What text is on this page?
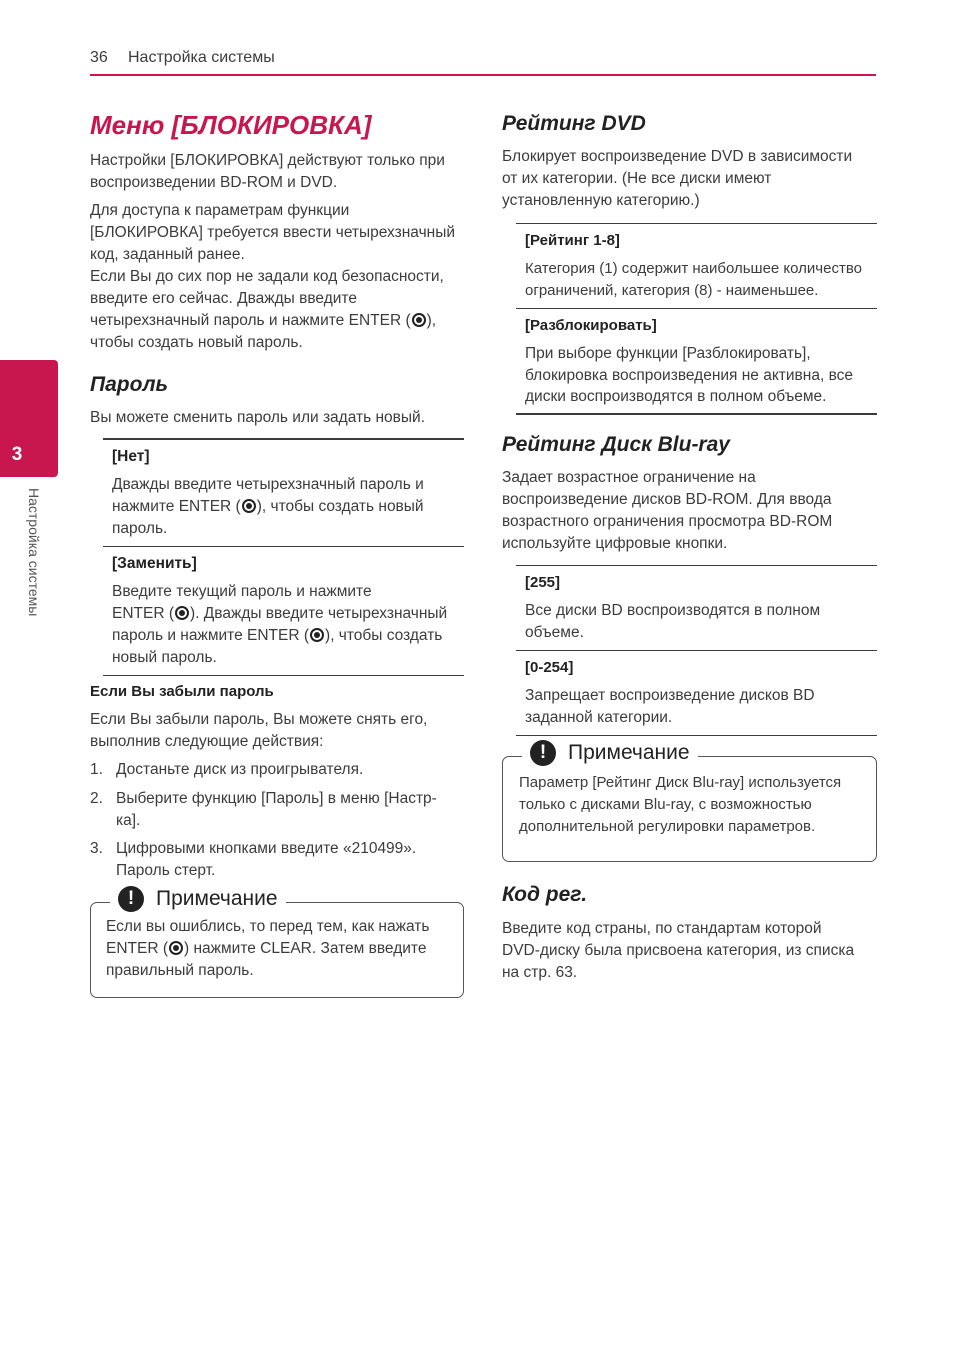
36 Настройка системы
3
Настройка системы
Меню [БЛОКИРОВКА]
Настройки [БЛОКИРОВКА] действуют только при
воспроизведении BD-ROM и DVD.
Для доступа к параметрам функции
[БЛОКИРОВКА] требуется ввести четырехзначный
код, заданный ранее.
Если Вы до сих пор не задали код безопасности,
введите его сейчас. Дважды введите
четырехзначный пароль и нажмите ENTER ( ),
чтобы создать новый пароль.
Пароль
Вы можете сменить пароль или задать новый.
[Нет]
Дважды введите четырехзначный пароль и
нажмите ENTER ( ), чтобы создать новый
пароль.
[Заменить]
Введите текущий пароль и нажмите
ENTER ( ). Дважды введите четырехзначный
пароль и нажмите ENTER ( ), чтобы создать
новый пароль.
Если Вы забыли пароль
Если Вы забыли пароль, Вы можете снять его,
выполнив следующие действия:
1. Достаньте диск из проигрывателя.
2. Выберите функцию [Пароль] в меню [Настр-
ка].
3. Цифровыми кнопками введите «210499».
Пароль стерт.
!	Примечание
Если вы ошиблись, то перед тем, как нажать
ENTER ( ) нажмите CLEAR. Затем введите
правильный пароль.
Рейтинг DVD
Блокирует воспроизведение DVD в зависимости
от их категории. (Не все диски имеют
установленную категорию.)
[Рейтинг 1-8]
Категория (1) содержит наибольшее количество
ограничений, категория (8) - наименьшее.
[Разблокировать]
При выборе функции [Разблокировать],
блокировка воспроизведения не активна, все
диски воспроизводятся в полном объеме.
Рейтинг Диск Blu-ray
Задает возрастное ограничение на
воспроизведение дисков BD-ROM. Для ввода
возрастного ограничения просмотра BD-ROM
используйте цифровые кнопки.
[255]
Все диски BD воспроизводятся в полном
объеме.
[0-254]
Запрещает воспроизведение дисков BD
заданной категории.
!	Примечание
Параметр [Рейтинг Диск Blu-ray] используется
только с дисками Blu-ray, с возможностью
дополнительной регулировки параметров.
Код рег.
Введите код страны, по стандартам которой
DVD-диску была присвоена категория, из списка
на стр. 63.
